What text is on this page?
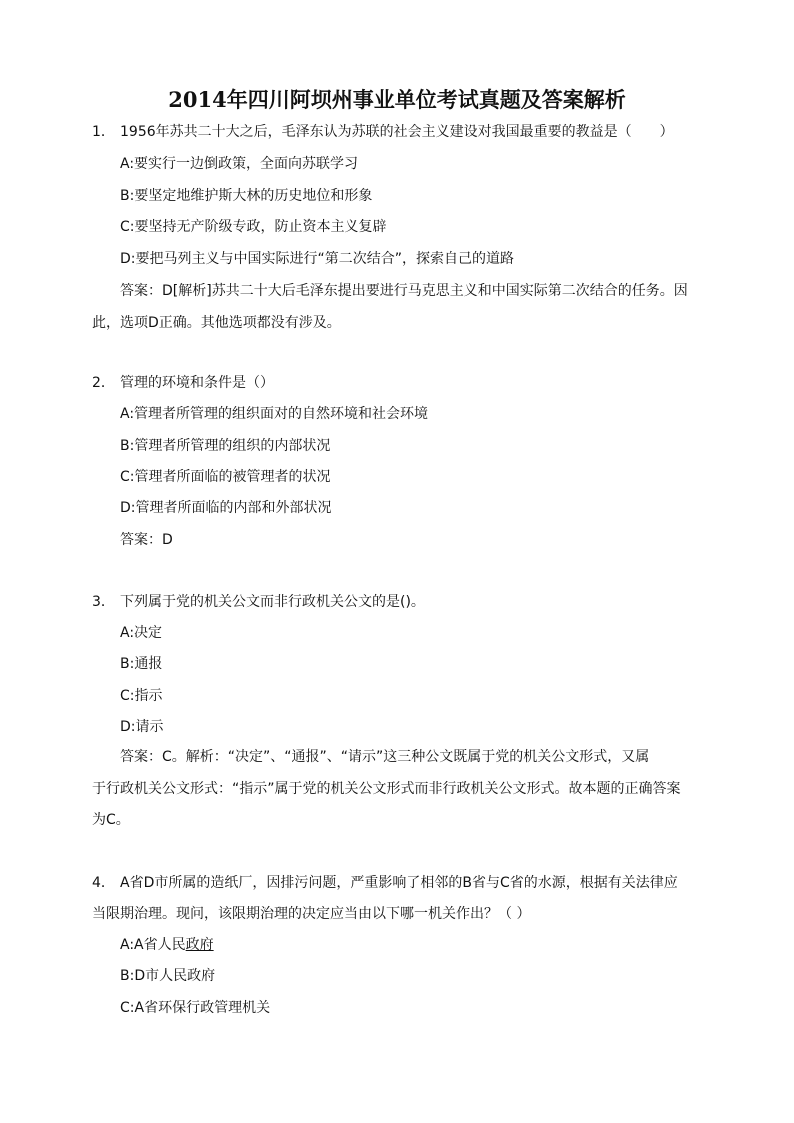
2014年四川阿坝州事业单位考试真题及答案解析
1． 1956年苏共二十大之后，毛泽东认为苏联的社会主义建设对我国最重要的教益是（　　）
A:要实行一边倒政策，全面向苏联学习
B:要坚定地维护斯大林的历史地位和形象
C:要坚持无产阶级专政，防止资本主义复辟
D:要把马列主义与中国实际进行“第二次结合”，探索自己的道路
答案：D[解析]苏共二十大后毛泽东提出要进行马克思主义和中国实际第二次结合的任务。因
此，选项D正确。其他选项都没有涉及。
2． 管理的环境和条件是（）
A:管理者所管理的组织面对的自然环境和社会环境
B:管理者所管理的组织的内部状况
C:管理者所面临的被管理者的状况
D:管理者所面临的内部和外部状况
答案：D
3． 下列属于党的机关公文而非行政机关公文的是()。
A:决定
B:通报
C:指示
D:请示
答案：C。解析：“决定”、“通报”、“请示”这三种公文既属于党的机关公文形式，又属
于行政机关公文形式：“指示”属于党的机关公文形式而非行政机关公文形式。故本题的正确答案
为C。
4． A省D市所属的造纸厂，因排污问题，严重影响了相邻的B省与C省的水源，根据有关法律应
当限期治理。现问，该限期治理的决定应当由以下哪一机关作出？（ ）
A:A省人民政府
B:D市人民政府
C:A省环保行政管理机关
